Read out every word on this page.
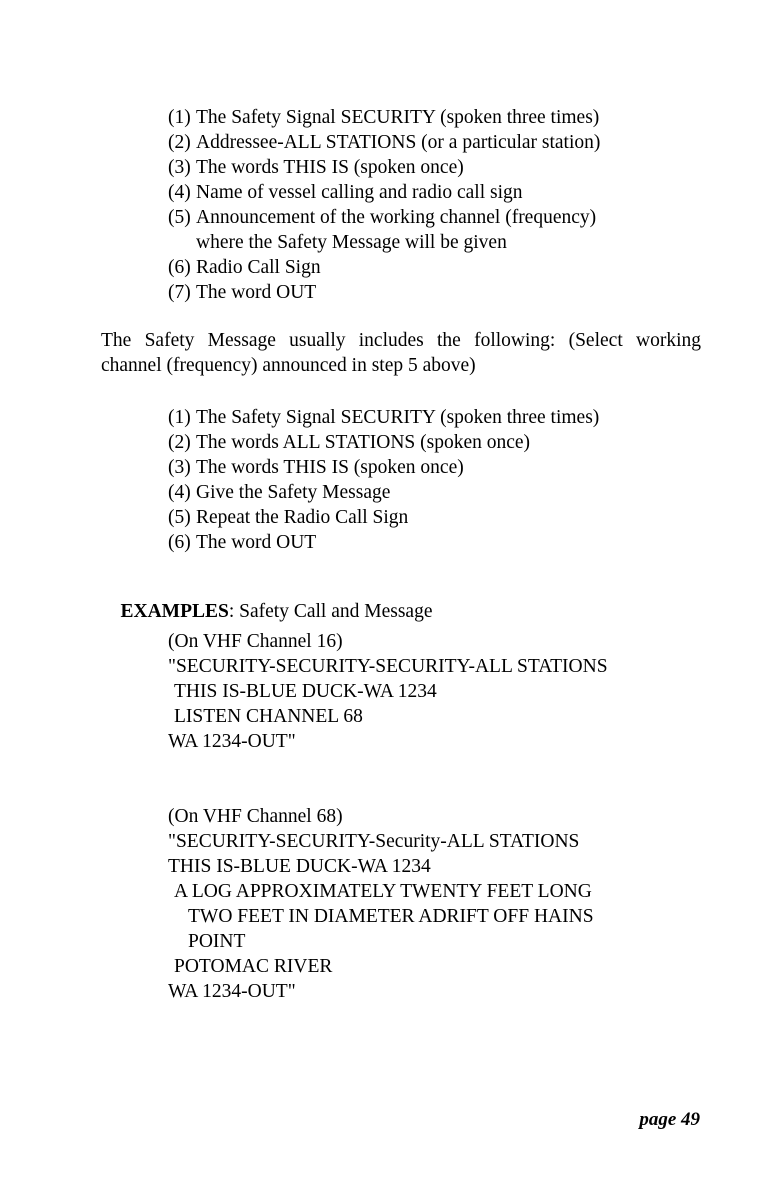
(1) The Safety Signal SECURITY (spoken three times)
(2) Addressee-ALL STATIONS (or a particular station)
(3) The words THIS IS (spoken once)
(4) Name of vessel calling and radio call sign
(5) Announcement of the working channel (frequency)
where the Safety Message will be given
(6) Radio Call Sign
(7) The word OUT

The Safety Message usually includes the following: (Select working
channel (frequency) announced in step 5 above)

(1) The Safety Signal SECURITY (spoken three times)
(2) The words ALL STATIONS (spoken once)
(3) The words THIS IS (spoken once)
(4) Give the Safety Message
(5) Repeat the Radio Call Sign
(6) The word OUT

EXAMPLES: Safety Call and Message

(On VHF Channel 16)
"SECURITY-SECURITY-SECURITY-ALL STATIONS
THIS IS-BLUE DUCK-WA 1234
LISTEN CHANNEL 68
WA 1234-OUT"
(On VHF Channel 68)
"SECURITY-SECURITY-Security-ALL STATIONS
THIS IS-BLUE DUCK-WA 1234
A LOG APPROXIMATELY TWENTY FEET LONG
TWO FEET IN DIAMETER ADRIFT OFF HAINS
POINT
POTOMAC RIVER
WA 1234-OUT"
page 49
